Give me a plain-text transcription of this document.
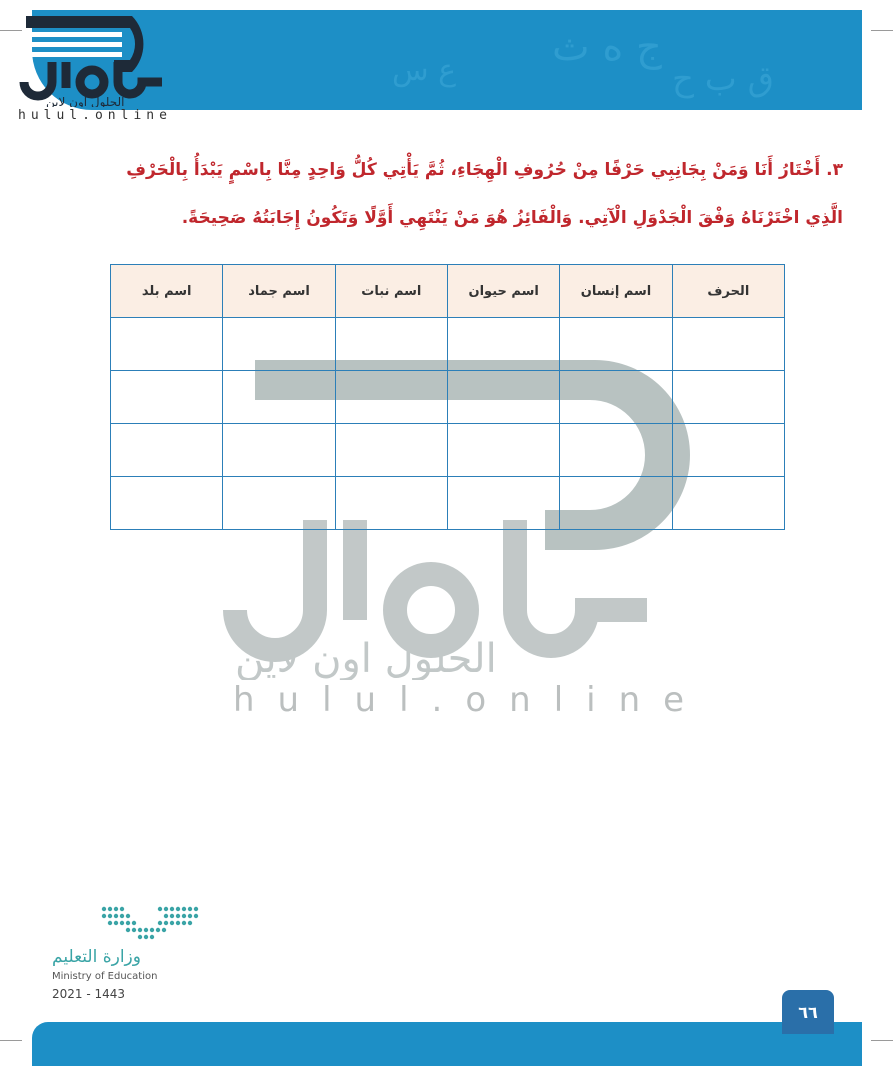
ج ه ث
ق ب ح
ع س
الحلول اون لاين
hulul.online
٣. أَخْتَارُ أَنَا وَمَنْ بِجَانِبِي حَرْفًا مِنْ حُرُوفِ الْهِجَاءِ، ثُمَّ يَأْتِي كُلُّ وَاحِدٍ مِنَّا بِاسْمٍ يَبْدَأُ بِالْحَرْفِ الَّذِي اخْتَرْنَاهُ وَفْقَ الْجَدْوَلِ الْآتِي. وَالْفَائِزُ هُوَ مَنْ يَنْتَهِي أَوَّلًا وَتَكُونُ إِجَابَتُهُ صَحِيحَةً.
الحلول اون لاين
hulul.online
الحرف	اسم إنسان	اسم حيوان	اسم نبات	اسم جماد	اسم بلد

وزارة التعليم
Ministry of Education
2021 - 1443
٦٦
